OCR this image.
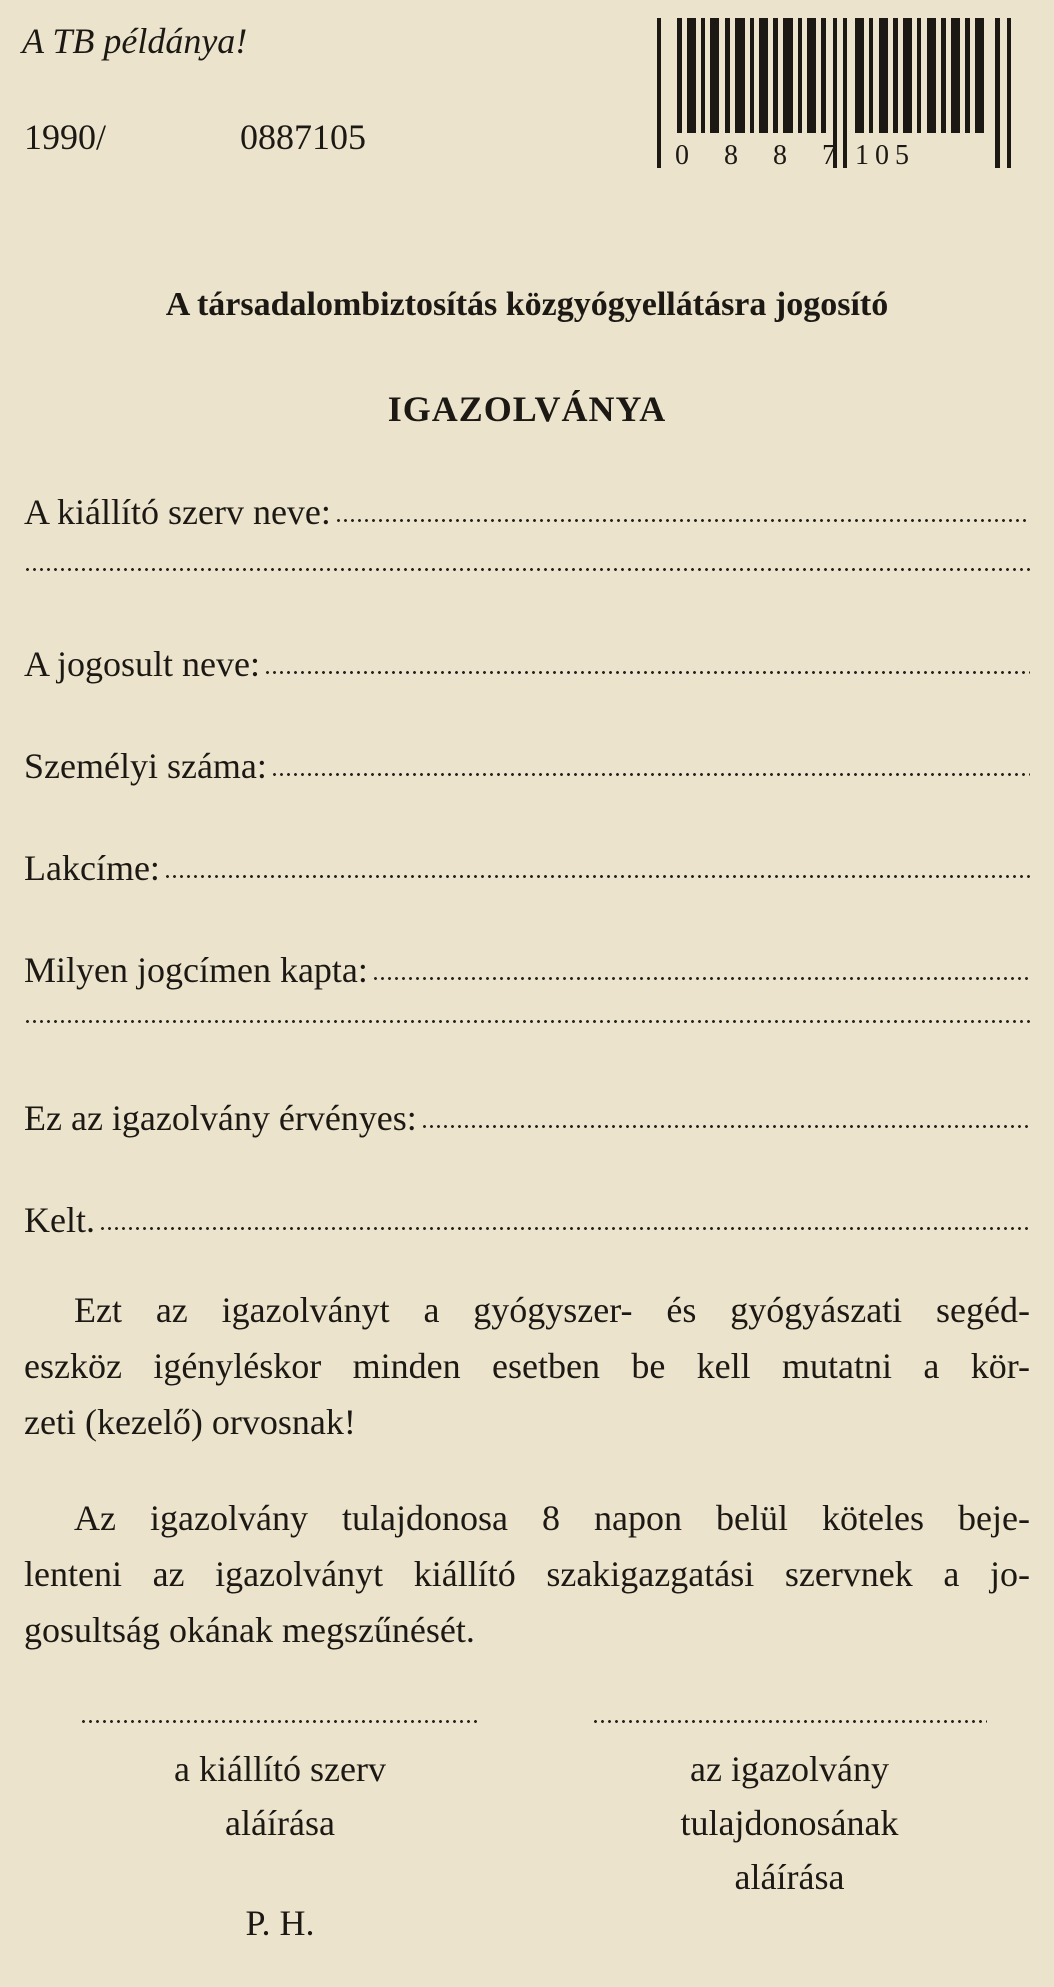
A TB példánya!
1990/	0887105	0 8 8 7 105
A társadalombiztosítás közgyógyellátásra jogosító
IGAZOLVÁNYA
A kiállító szerv neve:
A jogosult neve:
Személyi száma:
Lakcíme:
Milyen jogcímen kapta:
Ez az igazolvány érvényes:
Kelt.
Ezt az igazolványt a gyógyszer- és gyógyászati segéd-
eszköz igényléskor minden esetben be kell mutatni a kör-
zeti (kezelő) orvosnak!
Az igazolvány tulajdonosa 8 napon belül köteles beje-
lenteni az igazolványt kiállító szakigazgatási szervnek a jo-
gosultság okának megszűnését.
a kiállító szerv
aláírása
az igazolvány
tulajdonosának
aláírása
P. H.
